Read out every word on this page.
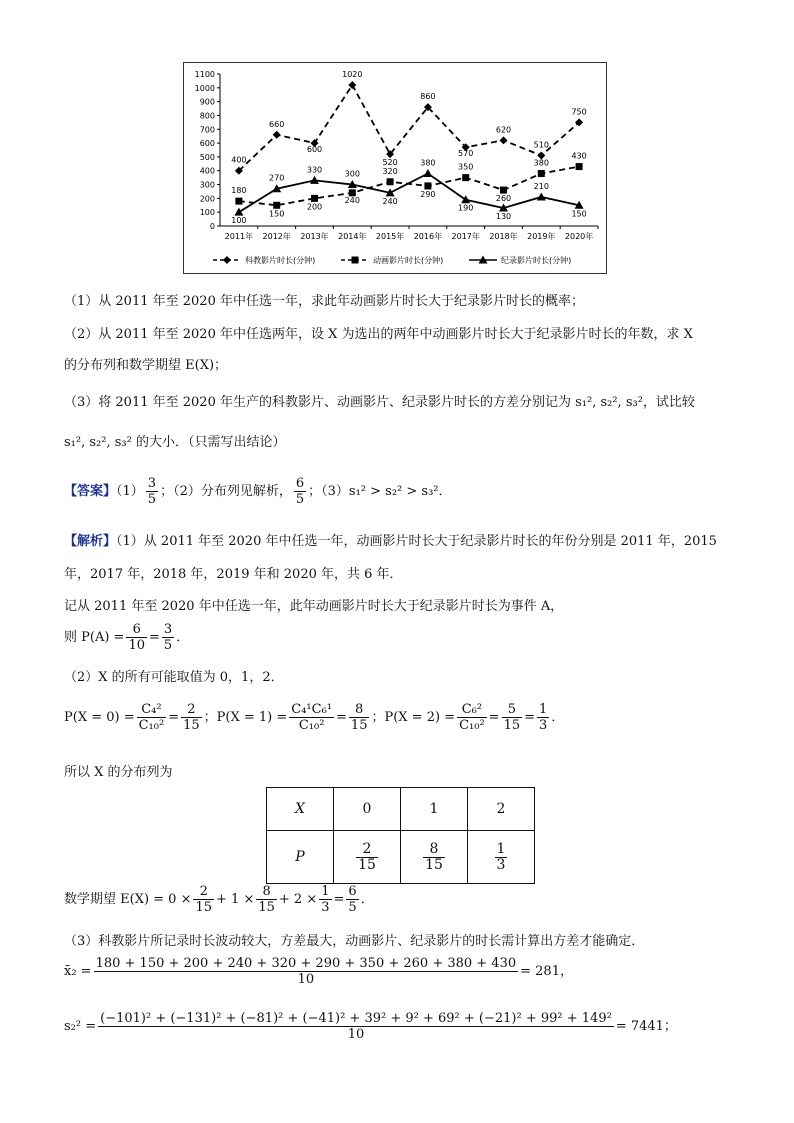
0
100
200
300
400
500
600
700
800
900
1000
1100
2011年 2012年 2013年 2014年 2015年 2016年 2017年 2018年 2019年 2020年
400
660
600
1020
520
860
570
620
510
750
180
150
200
240
320
290
350
260
380
430
100
270
330	300
240
380
190
130
210
150
科教影片时长(分钟)	动画影片时长(分钟)	纪录影片时长(分钟)
（1）从 2011 年至 2020 年中任选一年，求此年动画影片时长大于纪录影片时长的概率；
（2）从 2011 年至 2020 年中任选两年，设 X 为选出的两年中动画影片时长大于纪录影片时长的年数，求 X
的分布列和数学期望 E(X)；
（3）将 2011 年至 2020 年生产的科教影片、动画影片、纪录影片时长的方差分别记为 s₁², s₂², s₃²，试比较
s₁², s₂², s₃² 的大小．（只需写出结论）
【答案】$(1) \frac{3}{5}$ ；（2）分布列见解析， $\frac{6}{5}$ ；（3）s₁² > s₂² > s₃²．
【解析】（1）从 2011 年至 2020 年中任选一年，动画影片时长大于纪录影片时长的年份分别是 2011 年，2015
年，2017 年，2018 年，2019 年和 2020 年，共 6 年．
记从 2011 年至 2020 年中任选一年，此年动画影片时长大于纪录影片时长为事件 A，
则 $P(A) = \frac{6}{10} = \frac{3}{5}$ ．
（2）X 的所有可能取值为 0，1，2．
$P(X = 0) = \frac{\text{C₄²}}{\text{C₁₀²}} = \frac{2}{15}$ ；$P(X = 1) = \frac{\text{C₄¹C₆¹}}{\text{C₁₀²}} = \frac{8}{15}$ ；$P(X = 2) = \frac{\text{C₆²}}{\text{C₁₀²}} = \frac{5}{15} = \frac{1}{3}$ ．
所以 X 的分布列为
X	0	1	2
P	$\frac{2}{15}$	$\frac{8}{15}$	$\frac{1}{3}$
数学期望 $E(X) = 0 \times \frac{2}{15} + 1 \times \frac{8}{15} + 2 \times \frac{1}{3} = \frac{6}{5}$ ．
（3）科教影片所记录时长波动较大，方差最大，动画影片、纪录影片的时长需计算出方差才能确定．
x̄₂ = $\frac{180 + 150 + 200 + 240 + 320 + 290 + 350 + 260 + 380 + 430}{10} = 281$，
s₂² =
(−101)² + (−131)² + (−81)² + (−41)² + 39² + 9² + 69² + (−21)² + 99² + 149²
10
= 7441；
